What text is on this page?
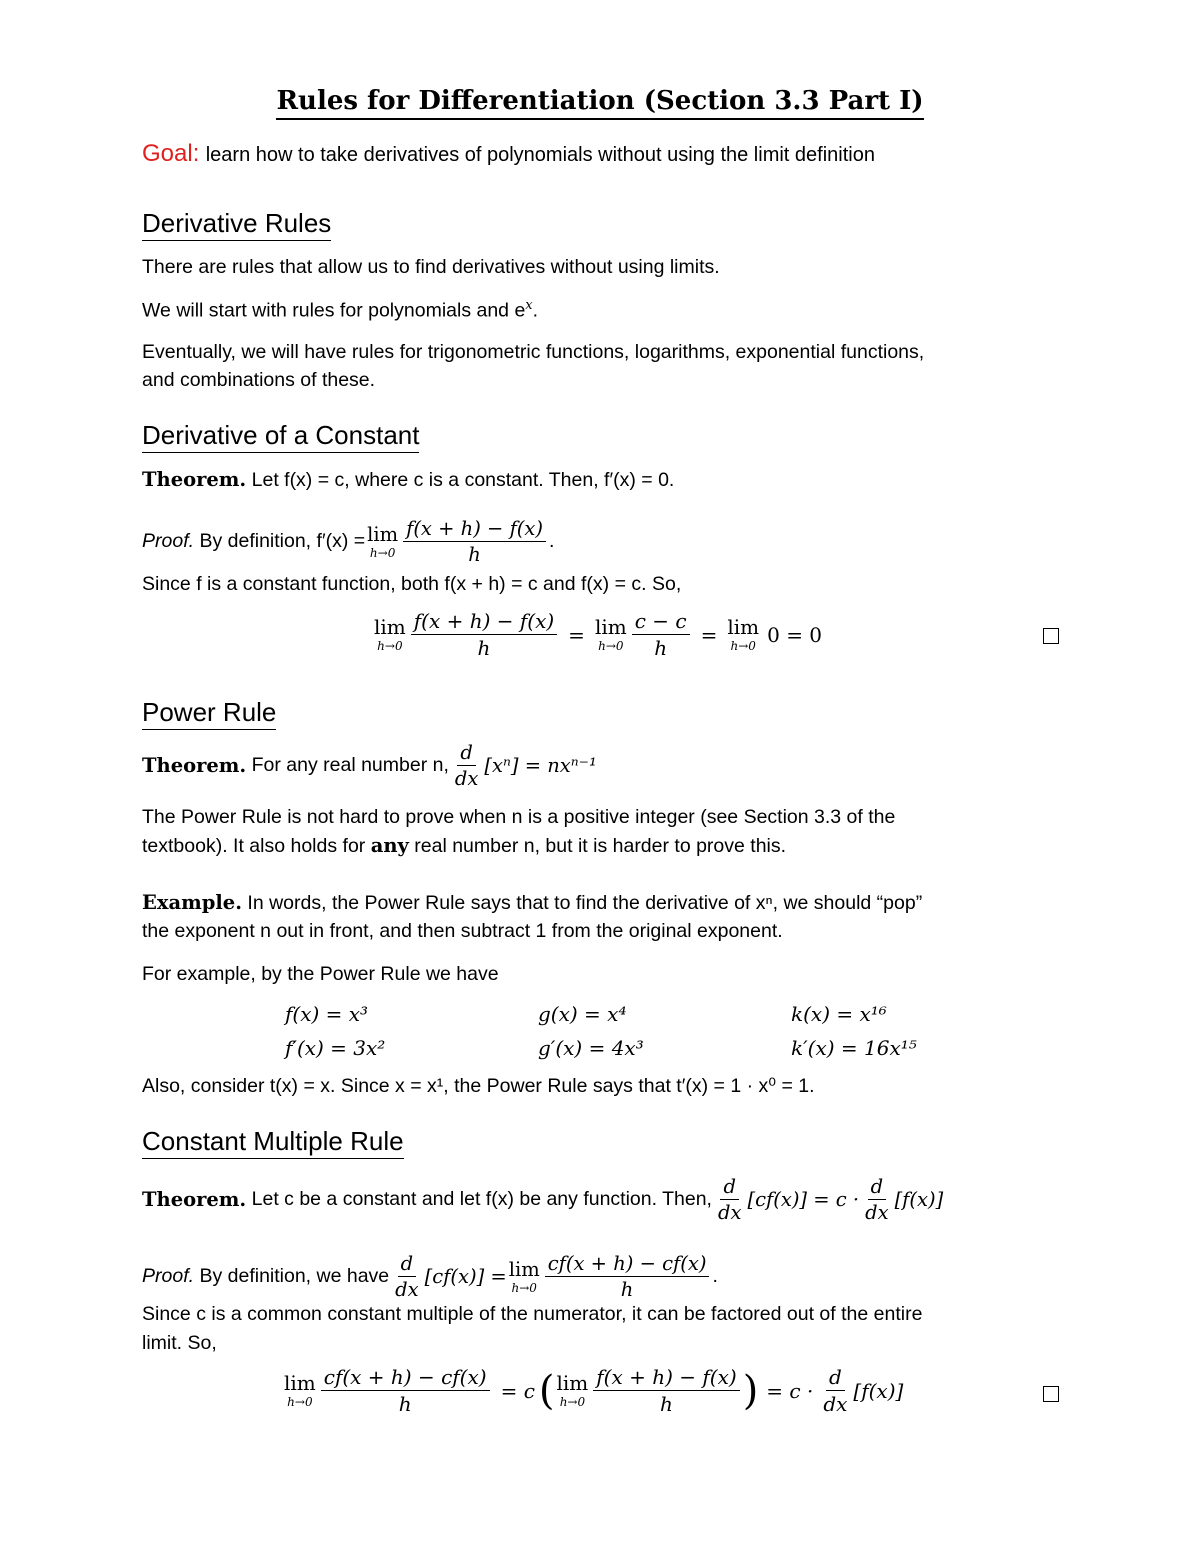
Rules for Differentiation (Section 3.3 Part I)
Goal: learn how to take derivatives of polynomials without using the limit definition
Derivative Rules
There are rules that allow us to find derivatives without using limits.
We will start with rules for polynomials and $e^x$.
Eventually, we will have rules for trigonometric functions, logarithms, exponential functions,
and combinations of these.
Derivative of a Constant
Theorem. Let f(x) = c, where c is a constant. Then, f′(x) = 0.
Proof.
By definition, f′(x) = lim
$h\to 0 \frac{f(x + h) - f(x)}{h}$ .
Since f is a constant function, both f(x + h) = c and f(x) = c. So,
lim
$h\to 0 \frac{f(x + h) - f(x)}{h} = \lim$
$h\to 0 \frac{c - c}{h} = \lim$
h→0 0 = 0
Power Rule
Theorem.
For any real number n, $\frac{d}{dx} [x^n] = nx^{n-1}$
The Power Rule is not hard to prove when n is a positive integer (see Section 3.3 of the
textbook). It also holds for any real number n, but it is harder to prove this.
Example. In words, the Power Rule says that to find the derivative of xⁿ, we should “pop”
the exponent n out in front, and then subtract 1 from the original exponent.
For example, by the Power Rule we have
f(x) = x³	g(x) = x⁴	k(x) = x¹⁶
f′(x) = 3x²	g′(x) = 4x³	k′(x) = 16x¹⁵
Also, consider t(x) = x. Since x = x¹, the Power Rule says that t′(x) = 1 · x⁰ = 1.
Constant Multiple Rule
Theorem.
Let c be a constant and let f(x) be any function. Then, $\frac{d}{dx} [cf(x)] = c \cdot \frac{d}{dx} [f(x)]$
Proof.
By definition, we have $\frac{d}{dx} [cf(x)] = \lim$
$h\to 0 \frac{cf(x + h) - cf(x)}{h}$ .
Since c is a common constant multiple of the numerator, it can be factored out of the entire
limit. So,
lim
$h\to 0 \frac{cf(x + h) - cf(x)}{h} = c$ ( lim
$h\to 0 \frac{f(x + h) - f(x)}{h}$ ) = $c \cdot \frac{d}{dx} [f(x)]$
